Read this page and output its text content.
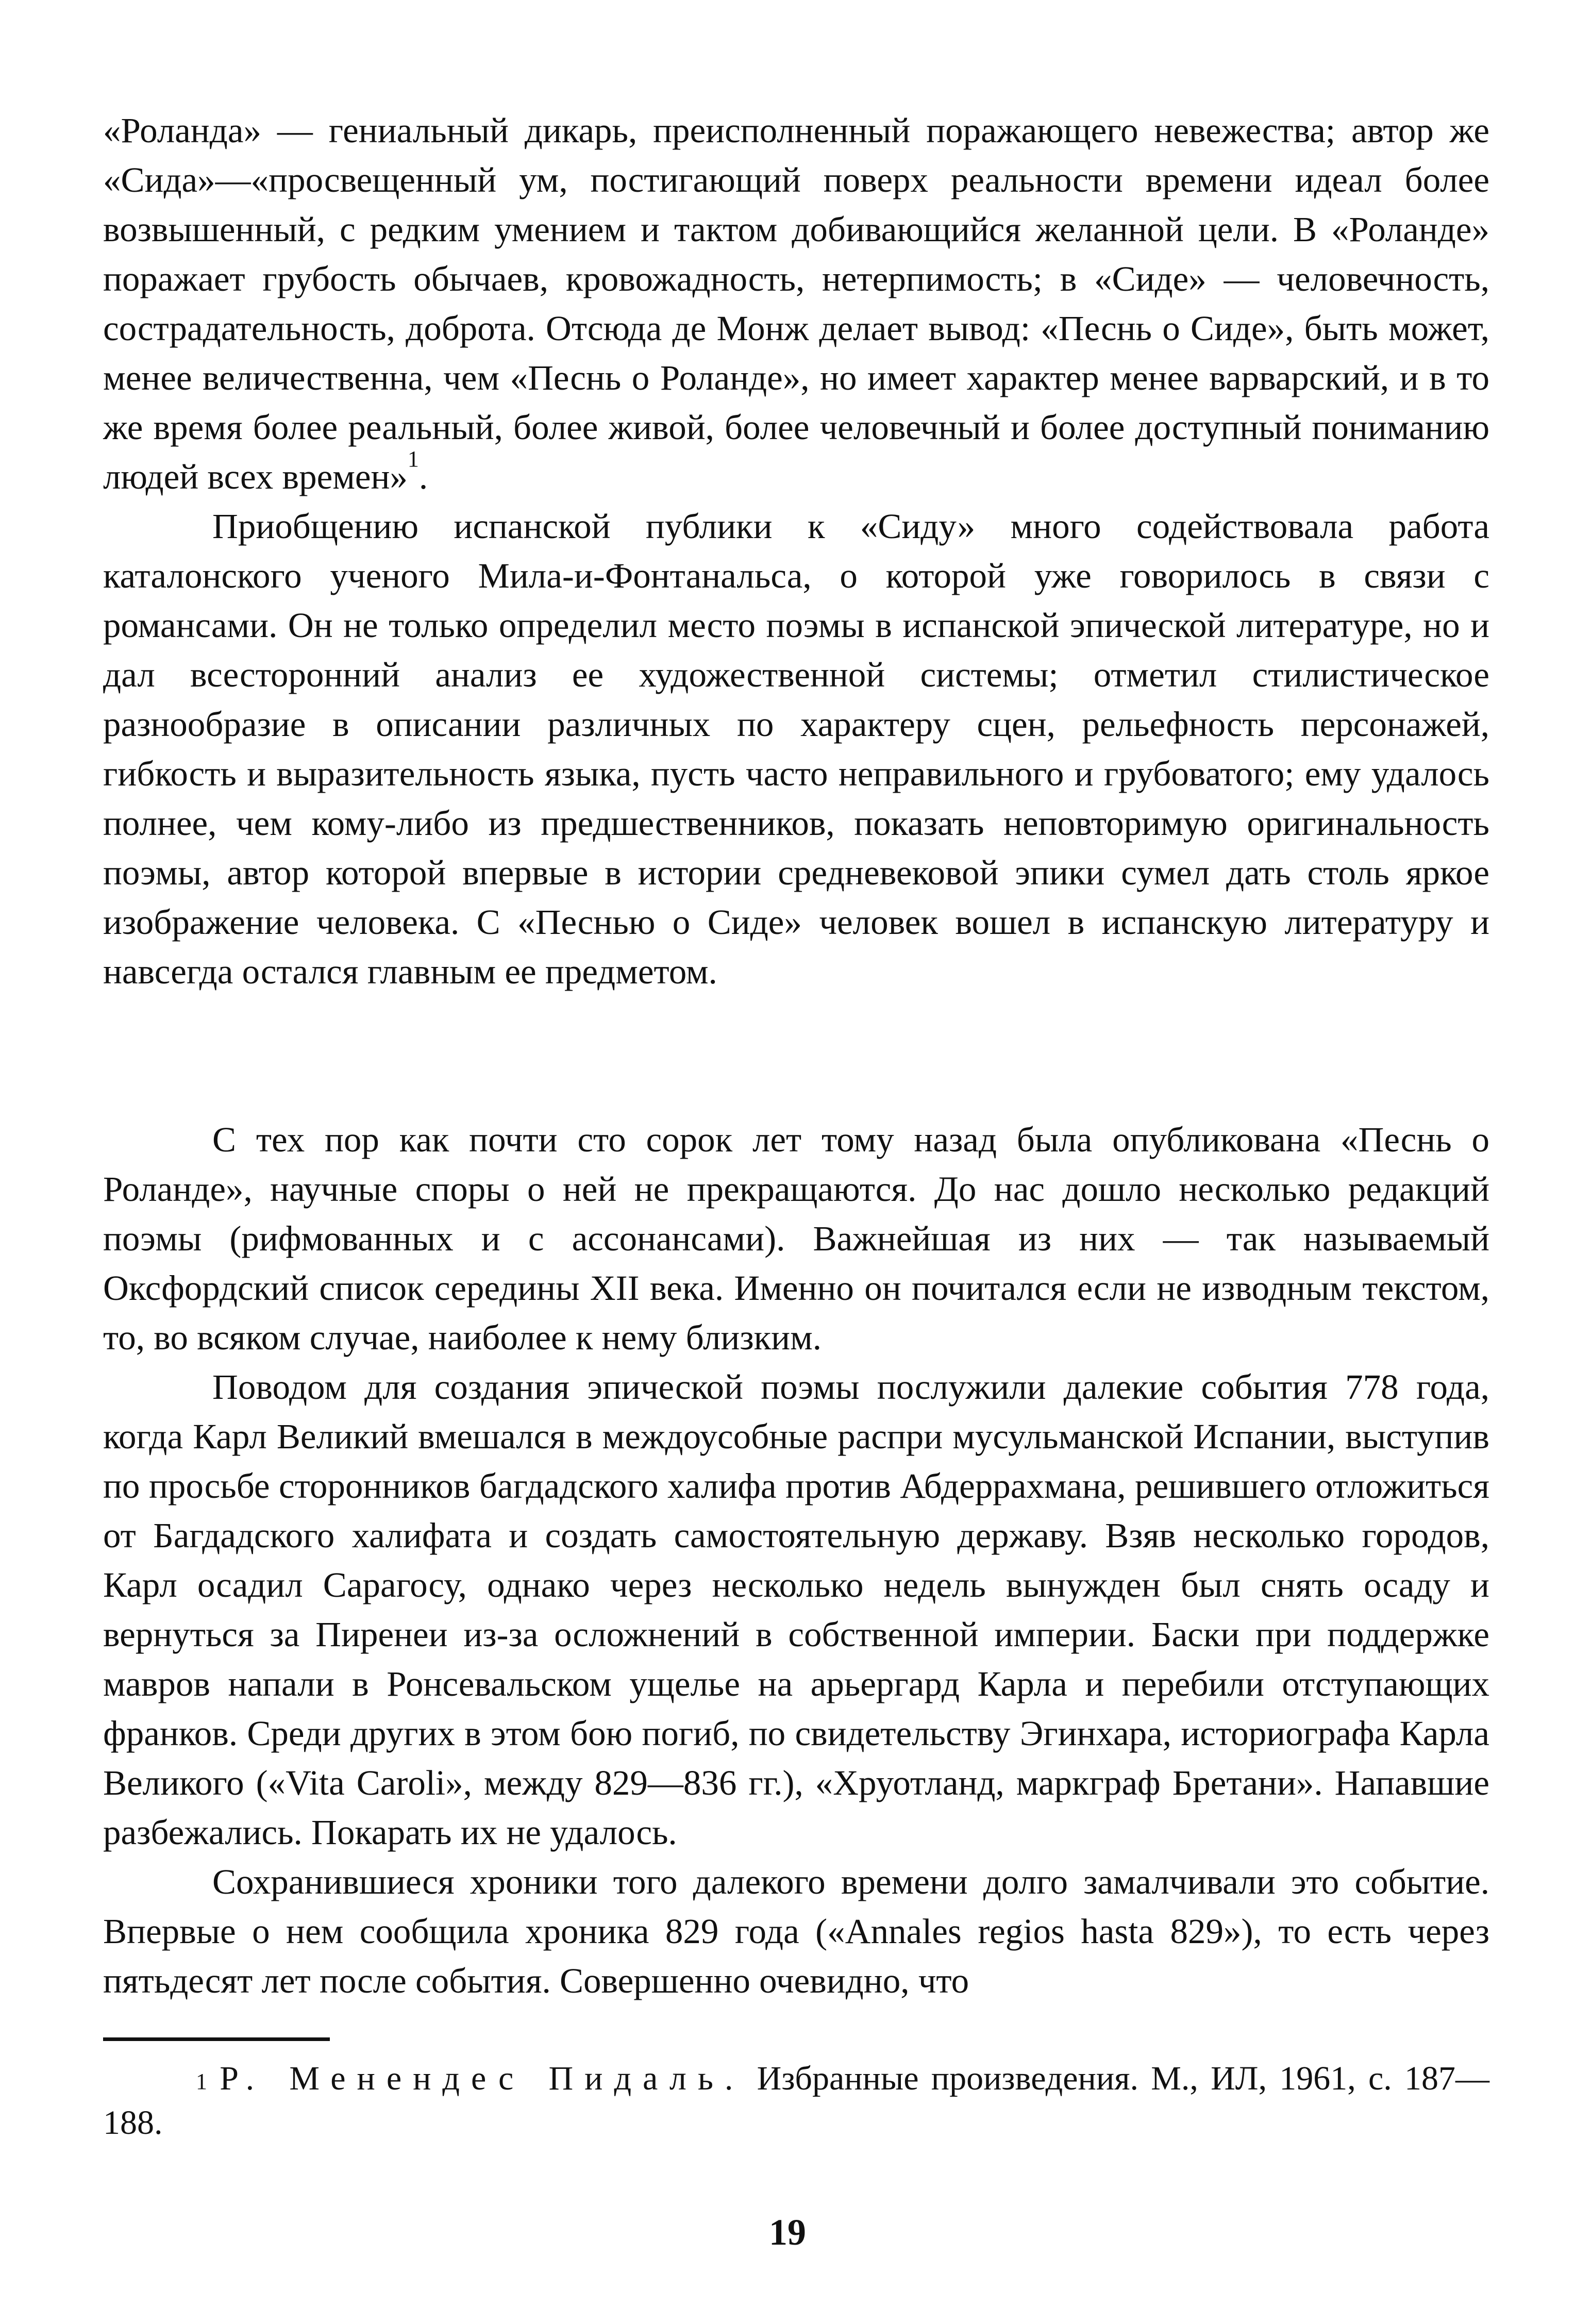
«Роланда» — гениальный дикарь, преисполненный поражающего невежества; автор же «Сида»—«просвещенный ум, постигающий поверх реальности времени идеал более возвышенный, с редким умением и тактом добивающийся желанной цели. В «Роланде» поражает грубость обычаев, кровожадность, нетерпимость; в «Сиде» — человечность, сострадательность, доброта. Отсюда де Монж делает вывод: «Песнь о Сиде», быть может, менее величественна, чем «Песнь о Роланде», но имеет характер менее варварский, и в то же время более реальный, более живой, более человечный и более доступный пониманию людей всех времен»$^1$.

Приобщению испанской публики к «Сиду» много содействовала работа каталонского ученого Мила-и-Фонтанальса, о которой уже говорилось в связи с романсами. Он не только определил место поэмы в испанской эпической литературе, но и дал всесторонний анализ ее художественной системы; отметил стилистическое разнообразие в описании различных по характеру сцен, рельефность персонажей, гибкость и выразительность языка, пусть часто неправильного и грубоватого; ему удалось полнее, чем кому-либо из предшественников, показать неповторимую оригинальность поэмы, автор которой впервые в истории средневековой эпики сумел дать столь яркое изображение человека. С «Песнью о Сиде» человек вошел в испанскую литературу и навсегда остался главным ее предметом.

С тех пор как почти сто сорок лет тому назад была опубликована «Песнь о Роланде», научные споры о ней не прекращаются. До нас дошло несколько редакций поэмы (рифмованных и с ассонансами). Важнейшая из них — так называемый Оксфордский список середины XII века. Именно он почитался если не изводным текстом, то, во всяком случае, наиболее к нему близким.

Поводом для создания эпической поэмы послужили далекие события 778 года, когда Карл Великий вмешался в междоусобные распри мусульманской Испании, выступив по просьбе сторонников багдадского халифа против Абдеррахмана, решившего отложиться от Багдадского халифата и создать самостоятельную державу. Взяв несколько городов, Карл осадил Сарагосу, однако через несколько недель вынужден был снять осаду и вернуться за Пиренеи из-за осложнений в собственной империи. Баски при поддержке мавров напали в Ронсевальском ущелье на арьергард Карла и перебили отступающих франков. Среди других в этом бою погиб, по свидетельству Эгинхара, историографа Карла Великого («Vita Caroli», между 829—836 гг.), «Хруотланд, маркграф Бретани». Напавшие разбежались. Покарать их не удалось.

Сохранившиеся хроники того далекого времени долго замалчивали это событие. Впервые о нем сообщила хроника 829 года («Annales regios hasta 829»), то есть через пятьдесят лет после события. Совершенно очевидно, что

$^1$ Р. Менендес Пидаль. Избранные произведения. М., ИЛ, 1961, с. 187—188.

19
